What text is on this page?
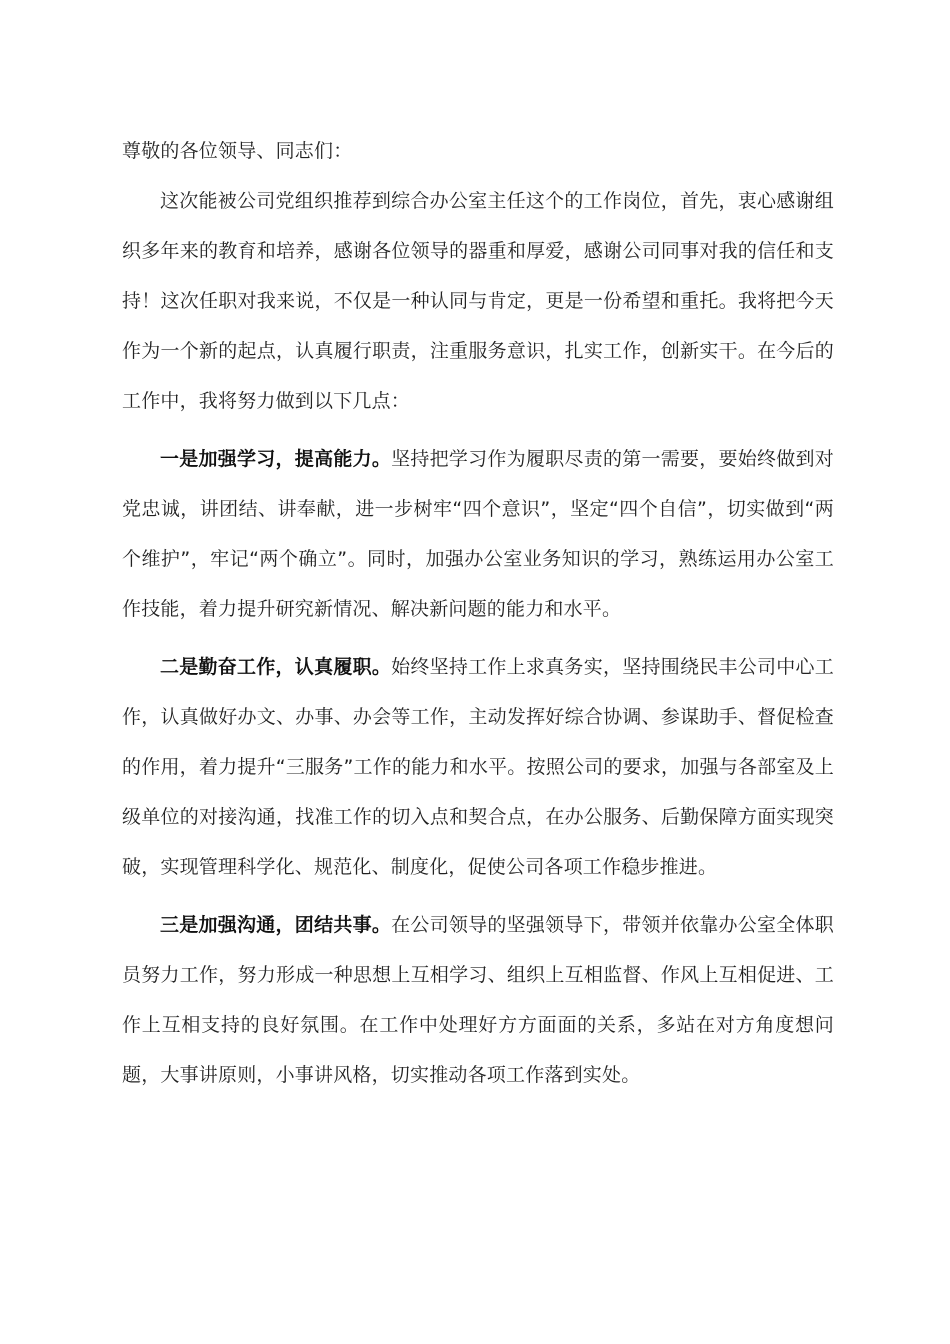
尊敬的各位领导、同志们：

这次能被公司党组织推荐到综合办公室主任这个的工作岗位，首先，衷心感谢组织多年来的教育和培养，感谢各位领导的器重和厚爱，感谢公司同事对我的信任和支持！这次任职对我来说，不仅是一种认同与肯定，更是一份希望和重托。我将把今天作为一个新的起点，认真履行职责，注重服务意识，扎实工作，创新实干。在今后的工作中，我将努力做到以下几点：

一是加强学习，提高能力。坚持把学习作为履职尽责的第一需要，要始终做到对党忠诚，讲团结、讲奉献，进一步树牢“四个意识”，坚定“四个自信”，切实做到“两个维护”，牢记“两个确立”。同时，加强办公室业务知识的学习，熟练运用办公室工作技能，着力提升研究新情况、解决新问题的能力和水平。

二是勤奋工作，认真履职。始终坚持工作上求真务实，坚持围绕民丰公司中心工作，认真做好办文、办事、办会等工作，主动发挥好综合协调、参谋助手、督促检查的作用，着力提升“三服务”工作的能力和水平。按照公司的要求，加强与各部室及上级单位的对接沟通，找准工作的切入点和契合点，在办公服务、后勤保障方面实现突破，实现管理科学化、规范化、制度化，促使公司各项工作稳步推进。

三是加强沟通，团结共事。在公司领导的坚强领导下，带领并依靠办公室全体职员努力工作，努力形成一种思想上互相学习、组织上互相监督、作风上互相促进、工作上互相支持的良好氛围。在工作中处理好方方面面的关系，多站在对方角度想问题，大事讲原则，小事讲风格，切实推动各项工作落到实处。
